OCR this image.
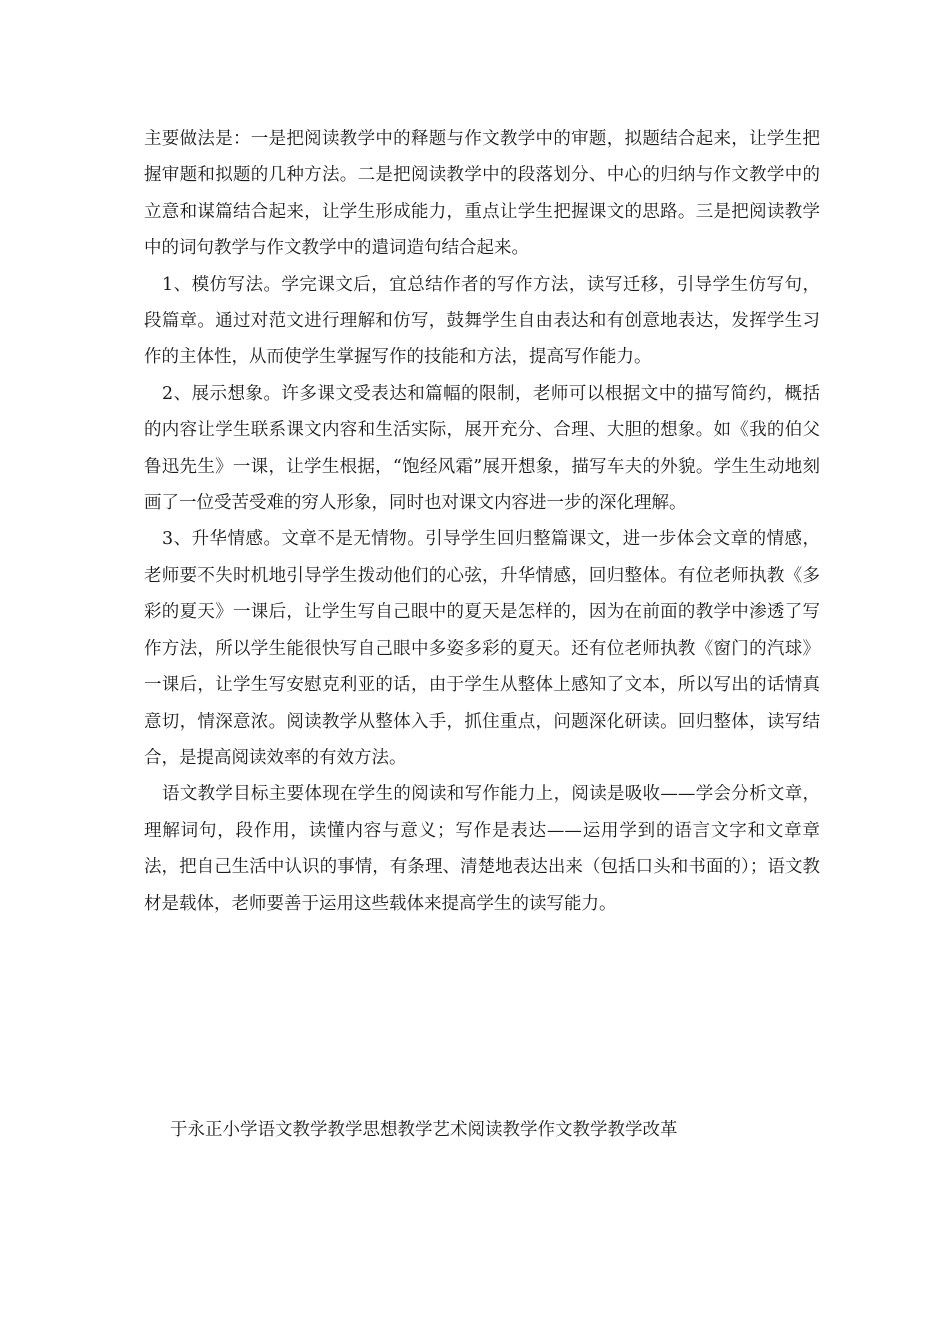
主要做法是：一是把阅读教学中的释题与作文教学中的审题，拟题结合起来，让学生把握审题和拟题的几种方法。二是把阅读教学中的段落划分、中心的归纳与作文教学中的立意和谋篇结合起来，让学生形成能力，重点让学生把握课文的思路。三是把阅读教学中的词句教学与作文教学中的遣词造句结合起来。

1、模仿写法。学完课文后，宜总结作者的写作方法，读写迁移，引导学生仿写句，段篇章。通过对范文进行理解和仿写，鼓舞学生自由表达和有创意地表达，发挥学生习作的主体性，从而使学生掌握写作的技能和方法，提高写作能力。

2、展示想象。许多课文受表达和篇幅的限制，老师可以根据文中的描写简约，概括的内容让学生联系课文内容和生活实际，展开充分、合理、大胆的想象。如《我的伯父鲁迅先生》一课，让学生根据，“饱经风霜”展开想象，描写车夫的外貌。学生生动地刻画了一位受苦受难的穷人形象，同时也对课文内容进一步的深化理解。

3、升华情感。文章不是无情物。引导学生回归整篇课文，进一步体会文章的情感，老师要不失时机地引导学生拨动他们的心弦，升华情感，回归整体。有位老师执教《多彩的夏天》一课后，让学生写自己眼中的夏天是怎样的，因为在前面的教学中渗透了写作方法，所以学生能很快写自己眼中多姿多彩的夏天。还有位老师执教《窗门的汽球》一课后，让学生写安慰克利亚的话，由于学生从整体上感知了文本，所以写出的话情真意切，情深意浓。阅读教学从整体入手，抓住重点，问题深化研读。回归整体，读写结合，是提高阅读效率的有效方法。

语文教学目标主要体现在学生的阅读和写作能力上，阅读是吸收——学会分析文章，理解词句，段作用，读懂内容与意义；写作是表达——运用学到的语言文字和文章章法，把自己生活中认识的事情，有条理、清楚地表达出来（包括口头和书面的）；语文教材是载体，老师要善于运用这些载体来提高学生的读写能力。

于永正小学语文教学教学思想教学艺术阅读教学作文教学教学改革
